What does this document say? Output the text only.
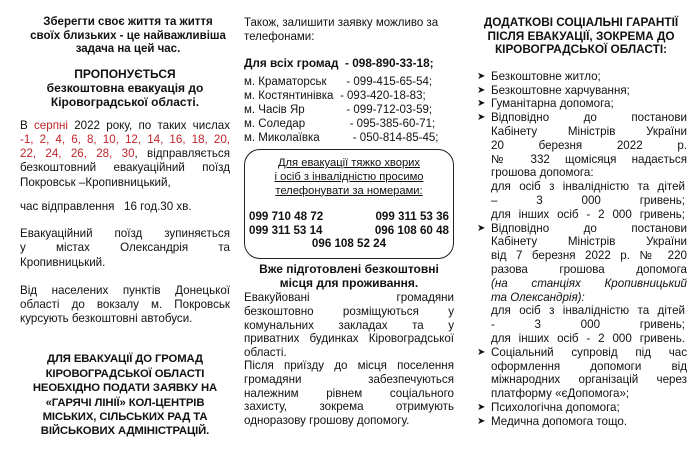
Зберегти своє життя та життя
своїх близьких - це найважливіша
задача на цей час.
ПРОПОНУЄТЬСЯ
безкоштовна евакуація до
Кіровоградської області.
В серпні 2022 року, по таких числах
-1, 2, 4, 6, 8, 10, 12, 14, 16, 18, 20,
22, 24, 26, 28, 30, відправляється
безкоштовний евакуаційний поїзд
Покровськ –Кропивницький,
час відправлення   16 год.30 хв.
Евакуаційний поїзд зупиняється
у містах Олександрія та
Кропивницький.
Від населених пунктів Донецької
області до вокзалу м. Покровськ
курсують безкоштовні автобуси.
ДЛЯ ЕВАКУАЦІЇ ДО ГРОМАД
КІРОВОГРАДСЬКОЇ ОБЛАСТІ
НЕОБХІДНО ПОДАТИ ЗАЯВКУ НА
«ГАРЯЧІ ЛІНІЇ» КОЛ-ЦЕНТРІВ
МІСЬКИХ, СІЛЬСЬКИХ РАД ТА
ВІЙСЬКОВИХ АДМІНІСТРАЦІЙ.
Також, залишити заявку можливо за
телефонами:
Для всіх громад  - 098-890-33-18;
м. Краматорськ	- 099-415-65-54;
м. Костянтинівка - 093-420-18-83;
м. Часів Яр	- 099-712-03-59;
м. Соледар	- 095-385-60-71;
м. Миколаївка	- 050-814-85-45;
Для евакуації тяжко хворих
і осіб з інвалідністю просимо
телефонувати за номерами:
099 710 48 72	099 311 53 36
099 311 53 14	096 108 60 48
096 108 52 24
Вже підготовлені безкоштовні
місця для проживання.
Евакуйовані громадяни
безкоштовно розміщуються у
комунальних закладах та у
приватних будинках Кіровоградської
області.
Після приїзду до місця поселення
громадяни забезпечуються
належним рівнем соціального
захисту, зокрема отримують
одноразову грошову допомогу.
ДОДАТКОВІ СОЦІАЛЬНІ ГАРАНТІЇ
ПІСЛЯ ЕВАКУАЦІЇ, ЗОКРЕМА ДО
КІРОВОГРАДСЬКОЇ ОБЛАСТІ:
➤ Безкоштовне житло;
➤ Безкоштовне харчування;
➤ Гуманітарна допомога;
➤ Відповідно до постанови
Кабінету Міністрів України
20 березня 2022 р.
№ 332 щомісяця надається
грошова допомога:
для осіб з інвалідністю та дітей
– 3 000 гривень;
для інших осіб - 2 000 гривень;
➤ Відповідно до постанови
Кабінету Міністрів України
від 7 березня 2022 р. № 220
разова грошова допомога
(на станціях Кропивницький
та Олександрія):
для осіб з інвалідністю та дітей
- 3 000 гривень;
для інших осіб - 2 000 гривень.
➤ Соціальний супровід під час
оформлення допомоги від
міжнародних організацій через
платформу «єДопомога»;
➤ Психологічна допомога;
➤ Медична допомога тощо.
